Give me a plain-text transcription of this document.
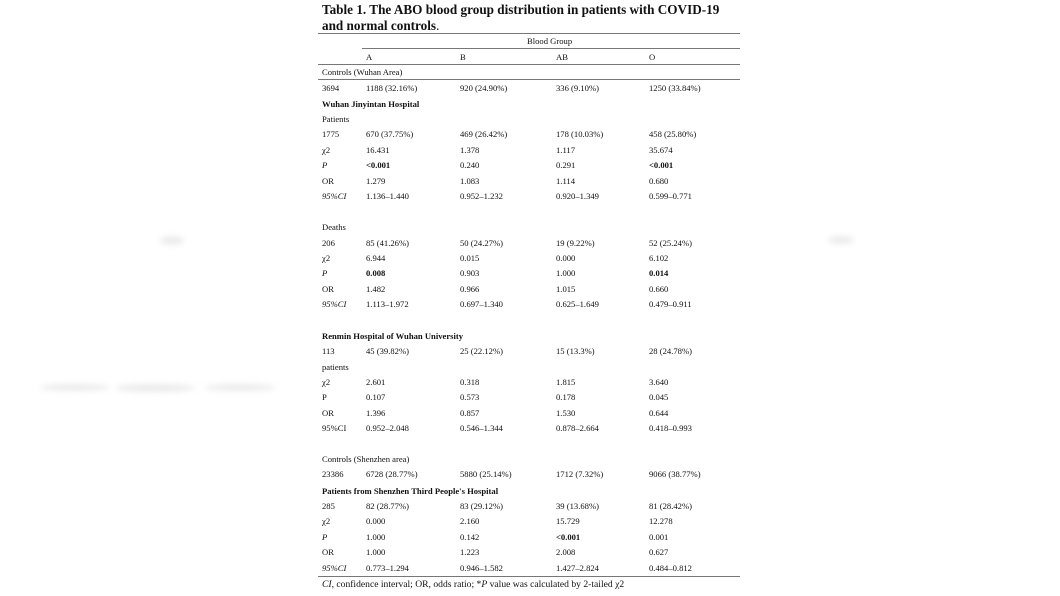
Table 1. The ABO blood group distribution in patients with COVID-19 and normal controls.
Blood Group
A	B	AB	O
Controls (Wuhan Area)
3694	1188 (32.16%)	920 (24.90%)	336 (9.10%)	1250 (33.84%)
Wuhan Jinyintan Hospital
Patients
1775	670 (37.75%)	469 (26.42%)	178 (10.03%)	458 (25.80%)
χ2	16.431	1.378	1.117	35.674
P	<0.001	0.240	0.291	<0.001
OR	1.279	1.083	1.114	0.680
95%CI 1.136–1.440	0.952–1.232	0.920–1.349	0.599–0.771
Deaths
206	85 (41.26%)	50 (24.27%)	19 (9.22%)	52 (25.24%)
χ2	6.944	0.015	0.000	6.102
P	0.008	0.903	1.000	0.014
OR	1.482	0.966	1.015	0.660
95%CI 1.113–1.972	0.697–1.340	0.625–1.649	0.479–0.911
Renmin Hospital of Wuhan University
113	45 (39.82%)	25 (22.12%)	15 (13.3%)	28 (24.78%)
patients
χ2	2.601	0.318	1.815	3.640
P	0.107	0.573	0.178	0.045
OR	1.396	0.857	1.530	0.644
95%CI 0.952–2.048	0.546–1.344	0.878–2.664	0.418–0.993
Controls (Shenzhen area)
23386	6728 (28.77%)	5880 (25.14%)	1712 (7.32%)	9066 (38.77%)
Patients from Shenzhen Third People's Hospital
285	82 (28.77%)	83 (29.12%)	39 (13.68%)	81 (28.42%)
χ2	0.000	2.160	15.729	12.278
P	1.000	0.142	<0.001	0.001
OR	1.000	1.223	2.008	0.627
95%CI 0.773–1.294	0.946–1.582	1.427–2.824	0.484–0.812
CI, confidence interval; OR, odds ratio; *P value was calculated by 2-tailed χ2
